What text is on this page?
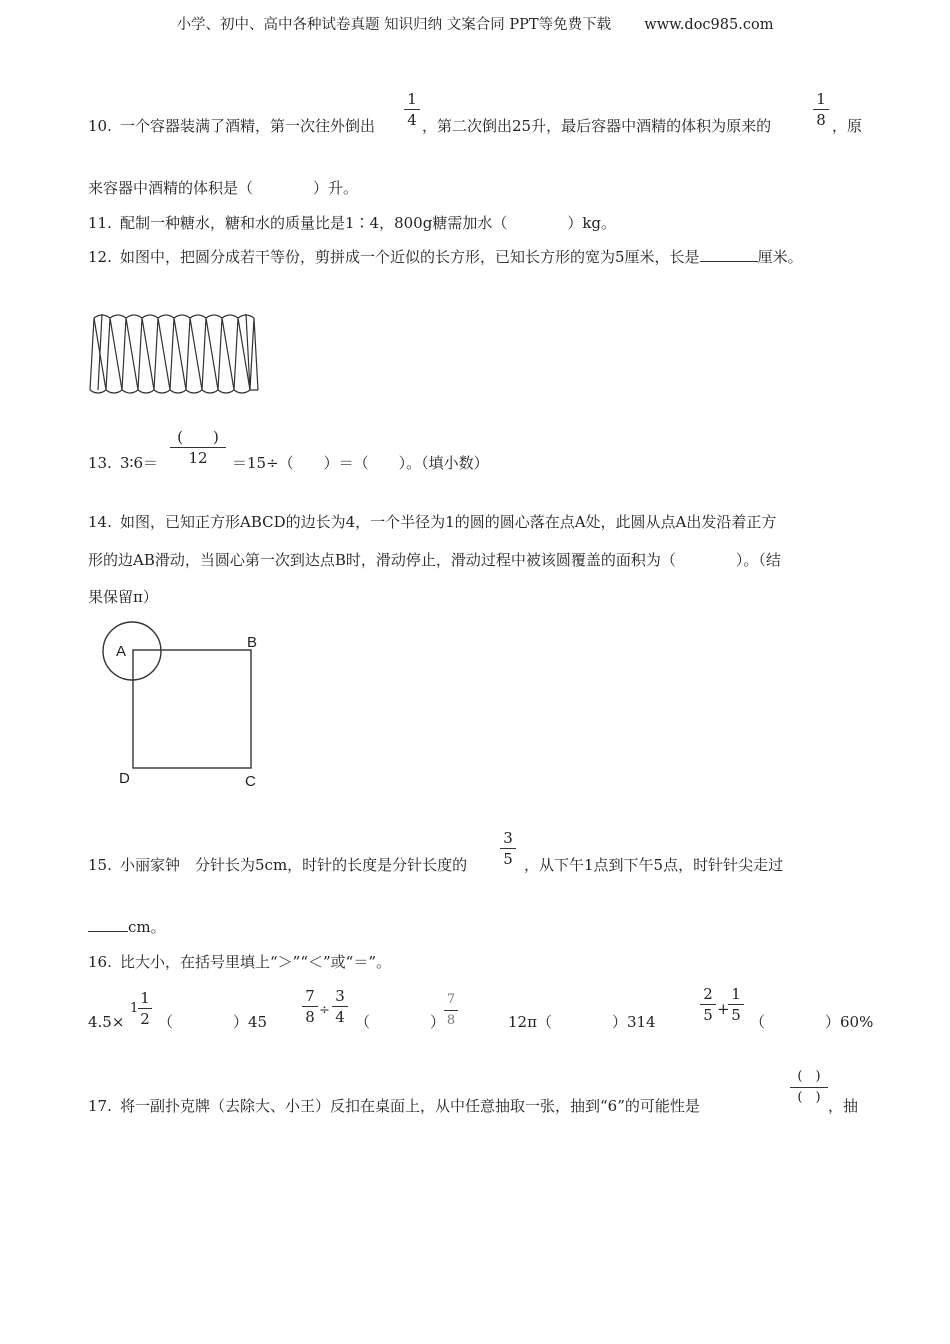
小学、初中、高中各种试卷真题 知识归纳 文案合同 PPT等免费下载 www.doc985.com
10. 一个容器装满了酒精，第一次往外倒出
1
4 ，第二次倒出25升，最后容器中酒精的体积为原来的
1
8 ，原
来容器中酒精的体积是（　　　　）升。
11. 配制一种糖水，糖和水的质量比是1∶4，800g糖需加水（　　　　）kg。
12. 如图中，把圆分成若干等份，剪拼成一个近似的长方形，已知长方形的宽为5厘米，长是	厘米。
13. 3∶6＝
(　　)
12	＝15÷（　　）＝（　　）。（填小数）
14. 如图，已知正方形ABCD的边长为4，一个半径为1的圆的圆心落在点A处，此圆从点A出发沿着正方
形的边AB滑动，当圆心第一次到达点B时，滑动停止，滑动过程中被该圆覆盖的面积为（　　　　）。（结
果保留π）
A
B
C
D
15. 小丽家钟　分针长为5cm，时针的长度是分针长度的
3
5 ，从下午1点到下午5点，时针针尖走过
cm。
16. 比大小，在括号里填上“＞”“＜”或“＝”。
4.5×
1
1
2 （　　　　）45
7
8 ÷
3
4 （　　　　）
7
8	12π（　　　　）314
2
5 +
1
5 （　　　　）60%
17. 将一副扑克牌（去除大、小王）反扣在桌面上，从中任意抽取一张，抽到“6”的可能性是
(　)
(　) ，抽
